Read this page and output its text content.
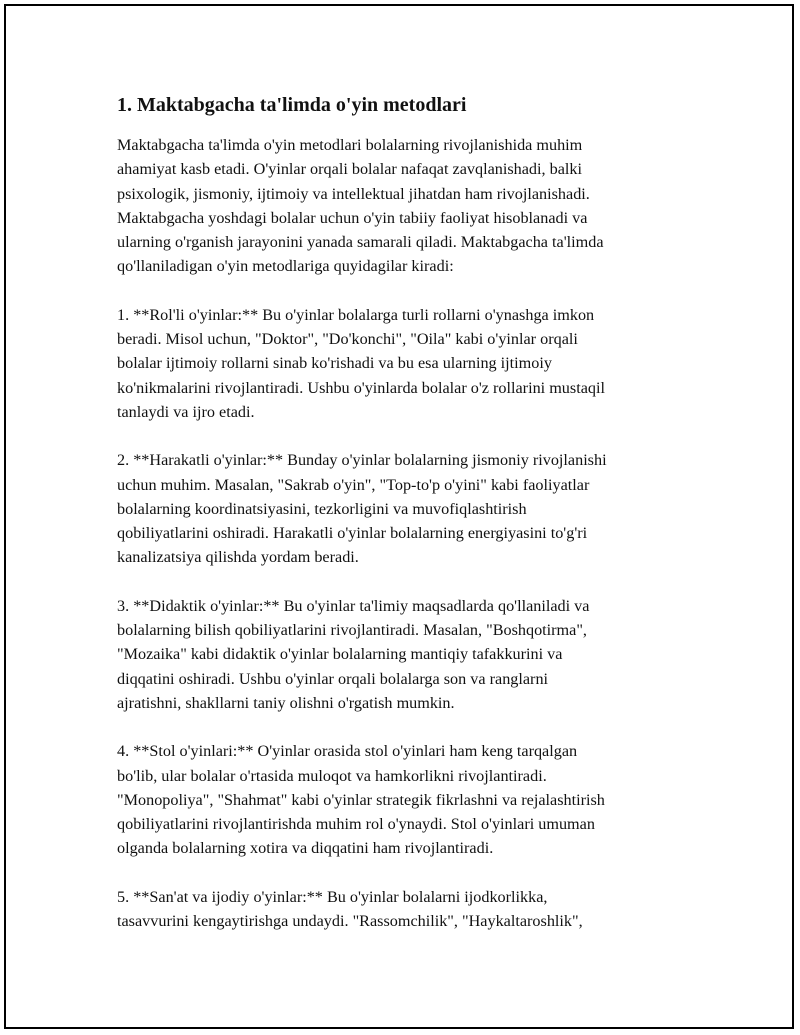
1. Maktabgacha ta'limda o'yin metodlari

Maktabgacha ta'limda o'yin metodlari bolalarning rivojlanishida muhim
ahamiyat kasb etadi. O'yinlar orqali bolalar nafaqat zavqlanishadi, balki
psixologik, jismoniy, ijtimoiy va intellektual jihatdan ham rivojlanishadi.
Maktabgacha yoshdagi bolalar uchun o'yin tabiiy faoliyat hisoblanadi va
ularning o'rganish jarayonini yanada samarali qiladi. Maktabgacha ta'limda
qo'llaniladigan o'yin metodlariga quyidagilar kiradi:

1. **Rol'li o'yinlar:** Bu o'yinlar bolalarga turli rollarni o'ynashga imkon
beradi. Misol uchun, "Doktor", "Do'konchi", "Oila" kabi o'yinlar orqali
bolalar ijtimoiy rollarni sinab ko'rishadi va bu esa ularning ijtimoiy
ko'nikmalarini rivojlantiradi. Ushbu o'yinlarda bolalar o'z rollarini mustaqil
tanlaydi va ijro etadi.

2. **Harakatli o'yinlar:** Bunday o'yinlar bolalarning jismoniy rivojlanishi
uchun muhim. Masalan, "Sakrab o'yin", "Top-to'p o'yini" kabi faoliyatlar
bolalarning koordinatsiyasini, tezkorligini va muvofiqlashtirish
qobiliyatlarini oshiradi. Harakatli o'yinlar bolalarning energiyasini to'g'ri
kanalizatsiya qilishda yordam beradi.

3. **Didaktik o'yinlar:** Bu o'yinlar ta'limiy maqsadlarda qo'llaniladi va
bolalarning bilish qobiliyatlarini rivojlantiradi. Masalan, "Boshqotirma",
"Mozaika" kabi didaktik o'yinlar bolalarning mantiqiy tafakkurini va
diqqatini oshiradi. Ushbu o'yinlar orqali bolalarga son va ranglarni
ajratishni, shakllarni taniy olishni o'rgatish mumkin.

4. **Stol o'yinlari:** O'yinlar orasida stol o'yinlari ham keng tarqalgan
bo'lib, ular bolalar o'rtasida muloqot va hamkorlikni rivojlantiradi.
"Monopoliya", "Shahmat" kabi o'yinlar strategik fikrlashni va rejalashtirish
qobiliyatlarini rivojlantirishda muhim rol o'ynaydi. Stol o'yinlari umuman
olganda bolalarning xotira va diqqatini ham rivojlantiradi.

5. **San'at va ijodiy o'yinlar:** Bu o'yinlar bolalarni ijodkorlikka,
tasavvurini kengaytirishga undaydi. "Rassomchilik", "Haykaltaroshlik",
